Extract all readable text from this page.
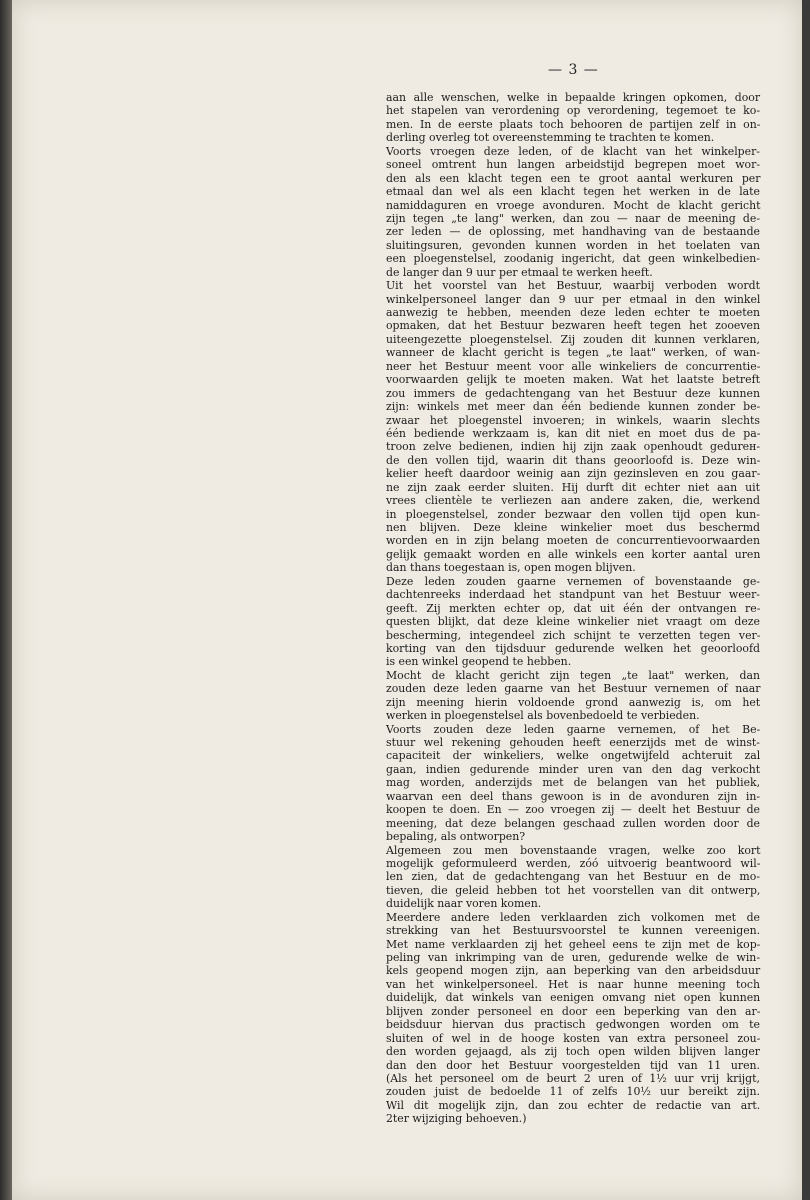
— 3 —
aan alle wenschen, welke in bepaalde kringen opkomen, door
het stapelen van verordening op verordening, tegemoet te ko-
men. In de eerste plaats toch behooren de partijen zelf in on-
derling overleg tot overeenstemming te trachten te komen.
Voorts vroegen deze leden, of de klacht van het winkelper-
soneel omtrent hun langen arbeidstijd begrepen moet wor-
den als een klacht tegen een te groot aantal werkuren per
etmaal dan wel als een klacht tegen het werken in de late
namiddaguren en vroege avonduren. Mocht de klacht gericht
zijn tegen „te lang" werken, dan zou — naar de meening de-
zer leden — de oplossing, met handhaving van de bestaande
sluitingsuren, gevonden kunnen worden in het toelaten van
een ploegenstelsel, zoodanig ingericht, dat geen winkelbedien-
de langer dan 9 uur per etmaal te werken heeft.
Uit het voorstel van het Bestuur, waarbij verboden wordt
winkelpersoneel langer dan 9 uur per etmaal in den winkel
aanwezig te hebben, meenden deze leden echter te moeten
opmaken, dat het Bestuur bezwaren heeft tegen het zooeven
uiteengezette ploegenstelsel. Zij zouden dit kunnen verklaren,
wanneer de klacht gericht is tegen „te laat" werken, of wan-
neer het Bestuur meent voor alle winkeliers de concurrentie-
voorwaarden gelijk te moeten maken. Wat het laatste betreft
zou immers de gedachtengang van het Bestuur deze kunnen
zijn: winkels met meer dan één bediende kunnen zonder be-
zwaar het ploegenstel invoeren; in winkels, waarin slechts
één bediende werkzaam is, kan dit niet en moet dus de pa-
troon zelve bedienen, indien hij zijn zaak openhoudt gedurен-
de den vollen tijd, waarin dit thans geoorloofd is. Deze win-
kelier heeft daardoor weinig aan zijn gezinsleven en zou gaar-
ne zijn zaak eerder sluiten. Hij durft dit echter niet aan uit
vrees clientèle te verliezen aan andere zaken, die, werkend
in ploegenstelsel, zonder bezwaar den vollen tijd open kun-
nen blijven. Deze kleine winkelier moet dus beschermd
worden en in zijn belang moeten de concurrentievoorwaarden
gelijk gemaakt worden en alle winkels een korter aantal uren
dan thans toegestaan is, open mogen blijven.
Deze leden zouden gaarne vernemen of bovenstaande ge-
dachtenreeks inderdaad het standpunt van het Bestuur weer-
geeft. Zij merkten echter op, dat uit één der ontvangen re-
questen blijkt, dat deze kleine winkelier niet vraagt om deze
bescherming, integendeel zich schijnt te verzetten tegen ver-
korting van den tijdsduur gedurende welken het geoorloofd
is een winkel geopend te hebben.
Mocht de klacht gericht zijn tegen „te laat" werken, dan
zouden deze leden gaarne van het Bestuur vernemen of naar
zijn meening hierin voldoende grond aanwezig is, om het
werken in ploegenstelsel als bovenbedoeld te verbieden.
Voorts zouden deze leden gaarne vernemen, of het Be-
stuur wel rekening gehouden heeft eenerzijds met de winst-
capaciteit der winkeliers, welke ongetwijfeld achteruit zal
gaan, indien gedurende minder uren van den dag verkocht
mag worden, anderzijds met de belangen van het publiek,
waarvan een deel thans gewoon is in de avonduren zijn in-
koopen te doen. En — zoo vroegen zij — deelt het Bestuur de
meening, dat deze belangen geschaad zullen worden door de
bepaling, als ontworpen?
Algemeen zou men bovenstaande vragen, welke zoo kort
mogelijk geformuleerd werden, zóó uitvoerig beantwoord wil-
len zien, dat de gedachtengang van het Bestuur en de mo-
tieven, die geleid hebben tot het voorstellen van dit ontwerp,
duidelijk naar voren komen.
Meerdere andere leden verklaarden zich volkomen met de
strekking van het Bestuursvoorstel te kunnen vereenigen.
Met name verklaarden zij het geheel eens te zijn met de kop-
peling van inkrimping van de uren, gedurende welke de win-
kels geopend mogen zijn, aan beperking van den arbeidsduur
van het winkelpersoneel. Het is naar hunne meening toch
duidelijk, dat winkels van eenigen omvang niet open kunnen
blijven zonder personeel en door een beperking van den ar-
beidsduur hiervan dus practisch gedwongen worden om te
sluiten of wel in de hooge kosten van extra personeel zou-
den worden gejaagd, als zij toch open wilden blijven langer
dan den door het Bestuur voorgestelden tijd van 11 uren.
(Als het personeel om de beurt 2 uren of 1½ uur vrij krijgt,
zouden juist de bedoelde 11 of zelfs 10½ uur bereikt zijn.
Wil dit mogelijk zijn, dan zou echter de redactie van art.
2ter wijziging behoeven.)
